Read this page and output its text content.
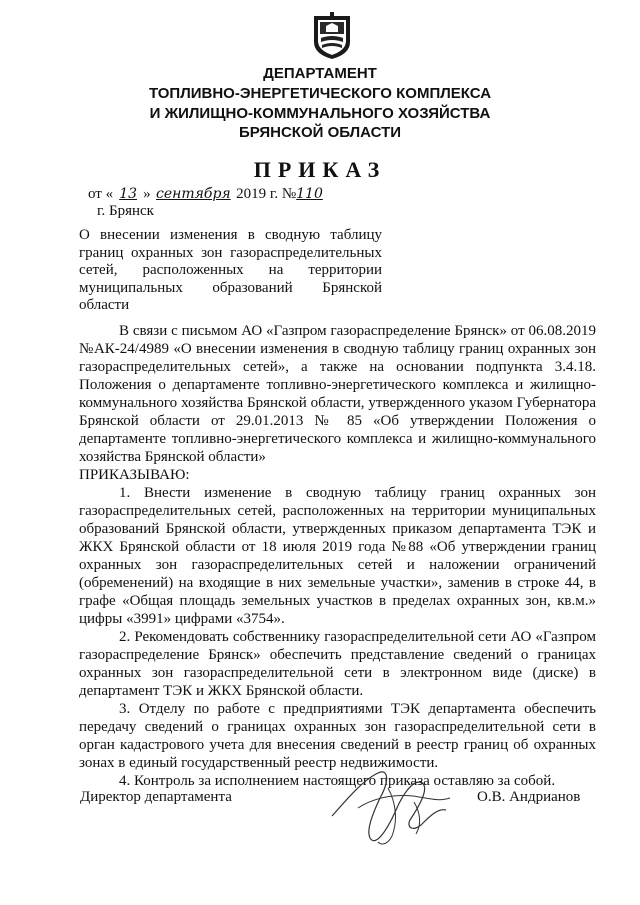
ДЕПАРТАМЕНТ
ТОПЛИВНО-ЭНЕРГЕТИЧЕСКОГО КОМПЛЕКСА
И ЖИЛИЩНО-КОММУНАЛЬНОГО ХОЗЯЙСТВА
БРЯНСКОЙ ОБЛАСТИ
ПРИКАЗ
от « 13 » сентября 2019 г. №110
г. Брянск
О внесении изменения в сводную таблицу границ охранных зон газораспределительных сетей, расположенных на территории муниципальных образований Брянской области

В связи с письмом АО «Газпром газораспределение Брянск» от 06.08.2019 №АК-24/4989 «О внесении изменения в сводную таблицу границ охранных зон газораспределительных сетей», а также на основании подпункта 3.4.18. Положения о департаменте топливно-энергетического комплекса и жилищно-коммунального хозяйства Брянской области, утвержденного указом Губернатора Брянской области от 29.01.2013 № 85 «Об утверждении Положения о департаменте топливно-энергетического комплекса и жилищно-коммунального хозяйства Брянской области»

ПРИКАЗЫВАЮ:

1. Внести изменение в сводную таблицу границ охранных зон газораспределительных сетей, расположенных на территории муниципальных образований Брянской области, утвержденных приказом департамента ТЭК и ЖКХ Брянской области от 18 июля 2019 года №88 «Об утверждении границ охранных зон газораспределительных сетей и наложении ограничений (обременений) на входящие в них земельные участки», заменив в строке 44, в графе «Общая площадь земельных участков в пределах охранных зон, кв.м.» цифры «3991» цифрами «3754».

2. Рекомендовать собственнику газораспределительной сети АО «Газпром газораспределение Брянск» обеспечить представление сведений о границах охранных зон газораспределительной сети в электронном виде (диске) в департамент ТЭК и ЖКХ Брянской области.

3. Отделу по работе с предприятиями ТЭК департамента обеспечить передачу сведений о границах охранных зон газораспределительной сети в орган кадастрового учета для внесения сведений в реестр границ об охранных зонах в единый государственный реестр недвижимости.

4. Контроль за исполнением настоящего приказа оставляю за собой.

Директор департамента	О.В. Андрианов
